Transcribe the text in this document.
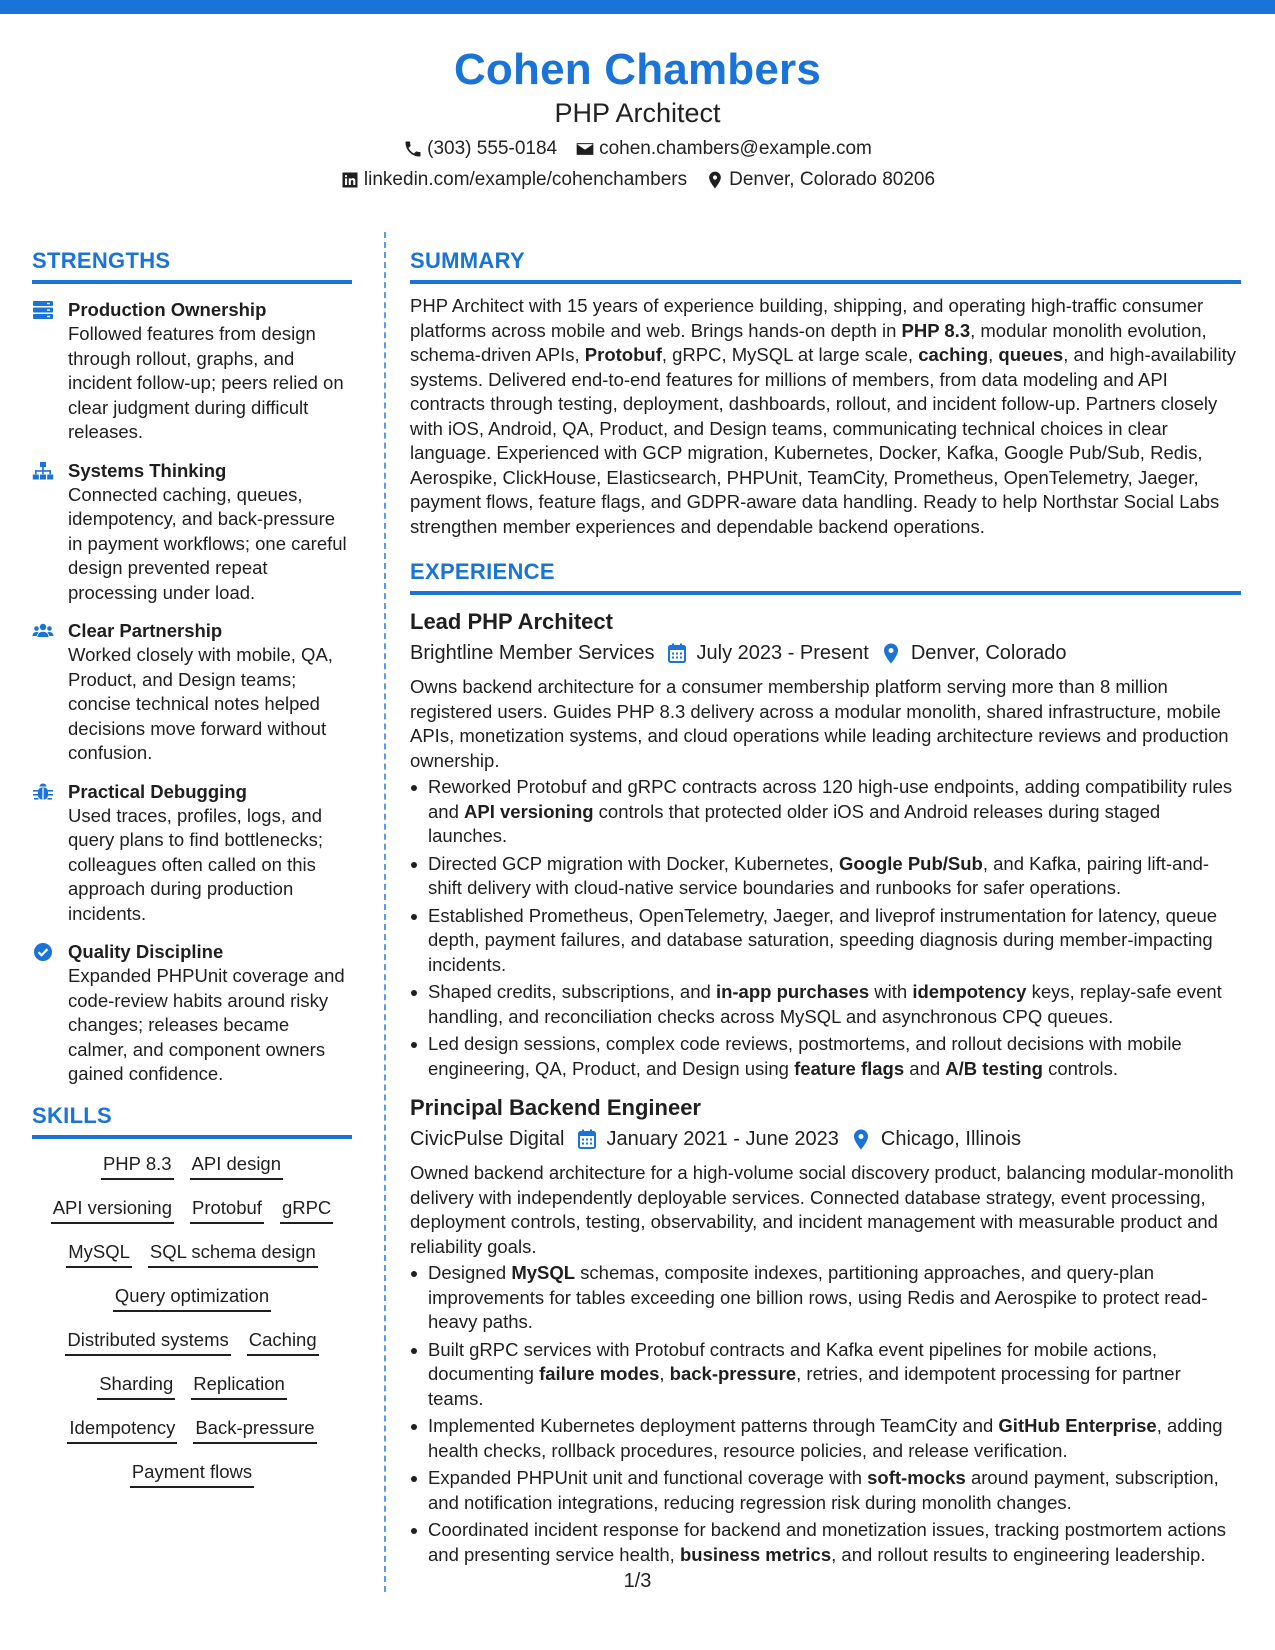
Cohen Chambers
PHP Architect
(303) 555-0184 cohen.chambers@example.com
linkedin.com/example/cohenchambers Denver, Colorado 80206
STRENGTHS
Production Ownership
Followed features from design through rollout, graphs, and incident follow-up; peers relied on clear judgment during difficult releases.
Systems Thinking
Connected caching, queues, idempotency, and back-pressure in payment workflows; one careful design prevented repeat processing under load.
Clear Partnership
Worked closely with mobile, QA, Product, and Design teams; concise technical notes helped decisions move forward without confusion.
Practical Debugging
Used traces, profiles, logs, and query plans to find bottlenecks; colleagues often called on this approach during production incidents.
Quality Discipline
Expanded PHPUnit coverage and code-review habits around risky changes; releases became calmer, and component owners gained confidence.
SKILLS
PHP 8.3 API design
API versioning Protobuf gRPC
MySQL SQL schema design
Query optimization
Distributed systems Caching
Sharding Replication
Idempotency Back-pressure
Payment flows
SUMMARY

PHP Architect with 15 years of experience building, shipping, and operating high-traffic consumer platforms across mobile and web. Brings hands-on depth in PHP 8.3, modular monolith evolution, schema-driven APIs, Protobuf, gRPC, MySQL at large scale, caching, queues, and high-availability systems. Delivered end-to-end features for millions of members, from data modeling and API contracts through testing, deployment, dashboards, rollout, and incident follow-up. Partners closely with iOS, Android, QA, Product, and Design teams, communicating technical choices in clear language. Experienced with GCP migration, Kubernetes, Docker, Kafka, Google Pub/Sub, Redis, Aerospike, ClickHouse, Elasticsearch, PHPUnit, TeamCity, Prometheus, OpenTelemetry, Jaeger, payment flows, feature flags, and GDPR-aware data handling. Ready to help Northstar Social Labs strengthen member experiences and dependable backend operations.

EXPERIENCE
Lead PHP Architect
Brightline Member Services July 2023 - Present Denver, Colorado

Owns backend architecture for a consumer membership platform serving more than 8 million registered users. Guides PHP 8.3 delivery across a modular monolith, shared infrastructure, mobile APIs, monetization systems, and cloud operations while leading architecture reviews and production ownership.

Reworked Protobuf and gRPC contracts across 120 high-use endpoints, adding compatibility rules and API versioning controls that protected older iOS and Android releases during staged launches.
Directed GCP migration with Docker, Kubernetes, Google Pub/Sub, and Kafka, pairing lift-and-shift delivery with cloud-native service boundaries and runbooks for safer operations.
Established Prometheus, OpenTelemetry, Jaeger, and liveprof instrumentation for latency, queue depth, payment failures, and database saturation, speeding diagnosis during member-impacting incidents.
Shaped credits, subscriptions, and in-app purchases with idempotency keys, replay-safe event handling, and reconciliation checks across MySQL and asynchronous CPQ queues.
Led design sessions, complex code reviews, postmortems, and rollout decisions with mobile engineering, QA, Product, and Design using feature flags and A/B testing controls.
Principal Backend Engineer
CivicPulse Digital January 2021 - June 2023 Chicago, Illinois

Owned backend architecture for a high-volume social discovery product, balancing modular-monolith delivery with independently deployable services. Connected database strategy, event processing, deployment controls, testing, observability, and incident management with measurable product and reliability goals.

Designed MySQL schemas, composite indexes, partitioning approaches, and query-plan improvements for tables exceeding one billion rows, using Redis and Aerospike to protect read-heavy paths.
Built gRPC services with Protobuf contracts and Kafka event pipelines for mobile actions, documenting failure modes, back-pressure, retries, and idempotent processing for partner teams.
Implemented Kubernetes deployment patterns through TeamCity and GitHub Enterprise, adding health checks, rollback procedures, resource policies, and release verification.
Expanded PHPUnit unit and functional coverage with soft-mocks around payment, subscription, and notification integrations, reducing regression risk during monolith changes.
Coordinated incident response for backend and monetization issues, tracking postmortem actions and presenting service health, business metrics, and rollout results to engineering leadership.
1/3
